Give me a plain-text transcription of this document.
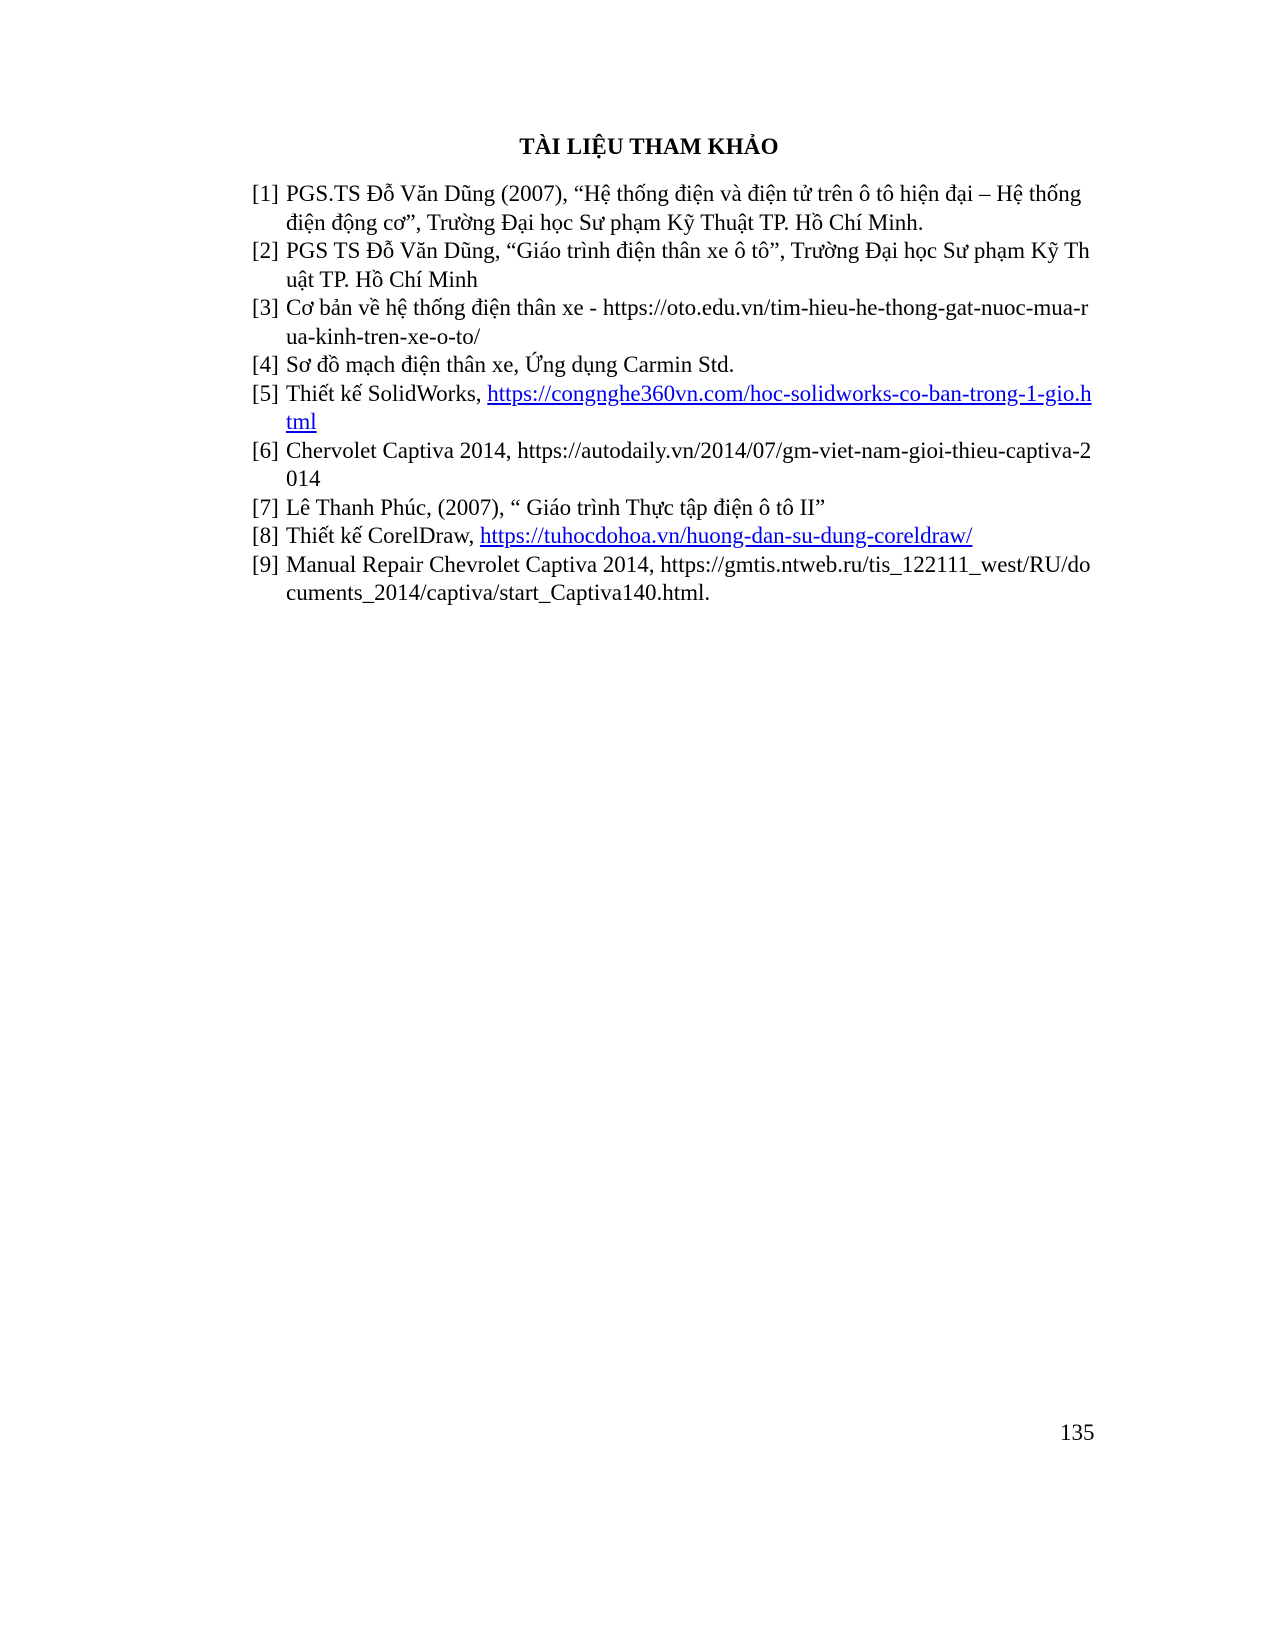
TÀI LIỆU THAM KHẢO
[1] PGS.TS Đỗ Văn Dũng (2007), “Hệ thống điện và điện tử trên ô tô hiện đại – Hệ thống điện động cơ”, Trường Đại học Sư phạm Kỹ Thuật TP. Hồ Chí Minh.
[2] PGS TS Đỗ Văn Dũng, “Giáo trình điện thân xe ô tô”, Trường Đại học Sư phạm Kỹ Thuật TP. Hồ Chí Minh
[3] Cơ bản về hệ thống điện thân xe - https://oto.edu.vn/tim-hieu-he-thong-gat-nuoc-mua-rua-kinh-tren-xe-o-to/
[4] Sơ đồ mạch điện thân xe, Ứng dụng Carmin Std.
[5] Thiết kế SolidWorks, https://congnghe360vn.com/hoc-solidworks-co-ban-trong-1-gio.html
[6] Chervolet Captiva 2014, https://autodaily.vn/2014/07/gm-viet-nam-gioi-thieu-captiva-2014
[7] Lê Thanh Phúc, (2007), “ Giáo trình Thực tập điện ô tô II”
[8] Thiết kế CorelDraw, https://tuhocdohoa.vn/huong-dan-su-dung-coreldraw/
[9] Manual Repair Chevrolet Captiva 2014, https://gmtis.ntweb.ru/tis_122111_west/RU/documents_2014/captiva/start_Captiva140.html.
135
